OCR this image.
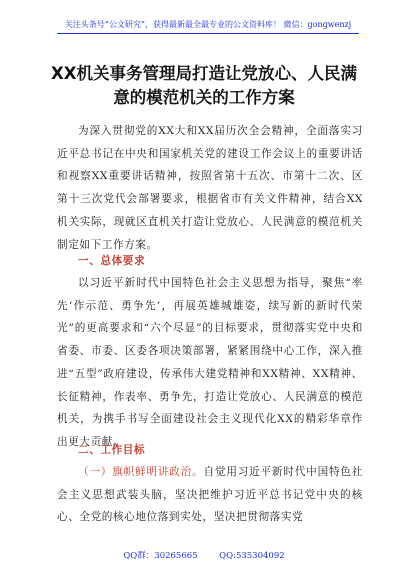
关注头条号“公文研究”，获得最新最全最专业的公文资料库！ 微信：gongwenzj
XX机关事务管理局打造让党放心、人民满意的模范机关的工作方案
为深入贯彻党的XX大和XX届历次全会精神，全面落实习近平总书记在中央和国家机关党的建设工作会议上的重要讲话和视察XX重要讲话精神，按照省第十五次、市第十二次、区第十三次党代会部署要求，根据省市有关文件精神，结合XX机关实际，现就区直机关打造让党放心、人民满意的模范机关制定如下工作方案。
一、总体要求
以习近平新时代中国特色社会主义思想为指导，聚焦“率先‘作示范、勇争先’，再展英雄城雄姿，续写新的新时代荣光”的更高要求和“六个尽显”的目标要求，贯彻落实党中央和省委、市委、区委各项决策部署，紧紧围绕中心工作，深入推进“五型”政府建设，传承伟大建党精神和XX精神、XX精神、长征精神，作表率、勇争先，打造让党放心、人民满意的模范机关，为携手书写全面建设社会主义现代化XX的精彩华章作出更大贡献。
二、工作目标
（一）旗帜鲜明讲政治。自觉用习近平新时代中国特色社会主义思想武装头脑，坚决把维护习近平总书记党中央的核心、全党的核心地位落到实处，坚决把贯彻落实党
QQ群：30265665        QQ:535304092
